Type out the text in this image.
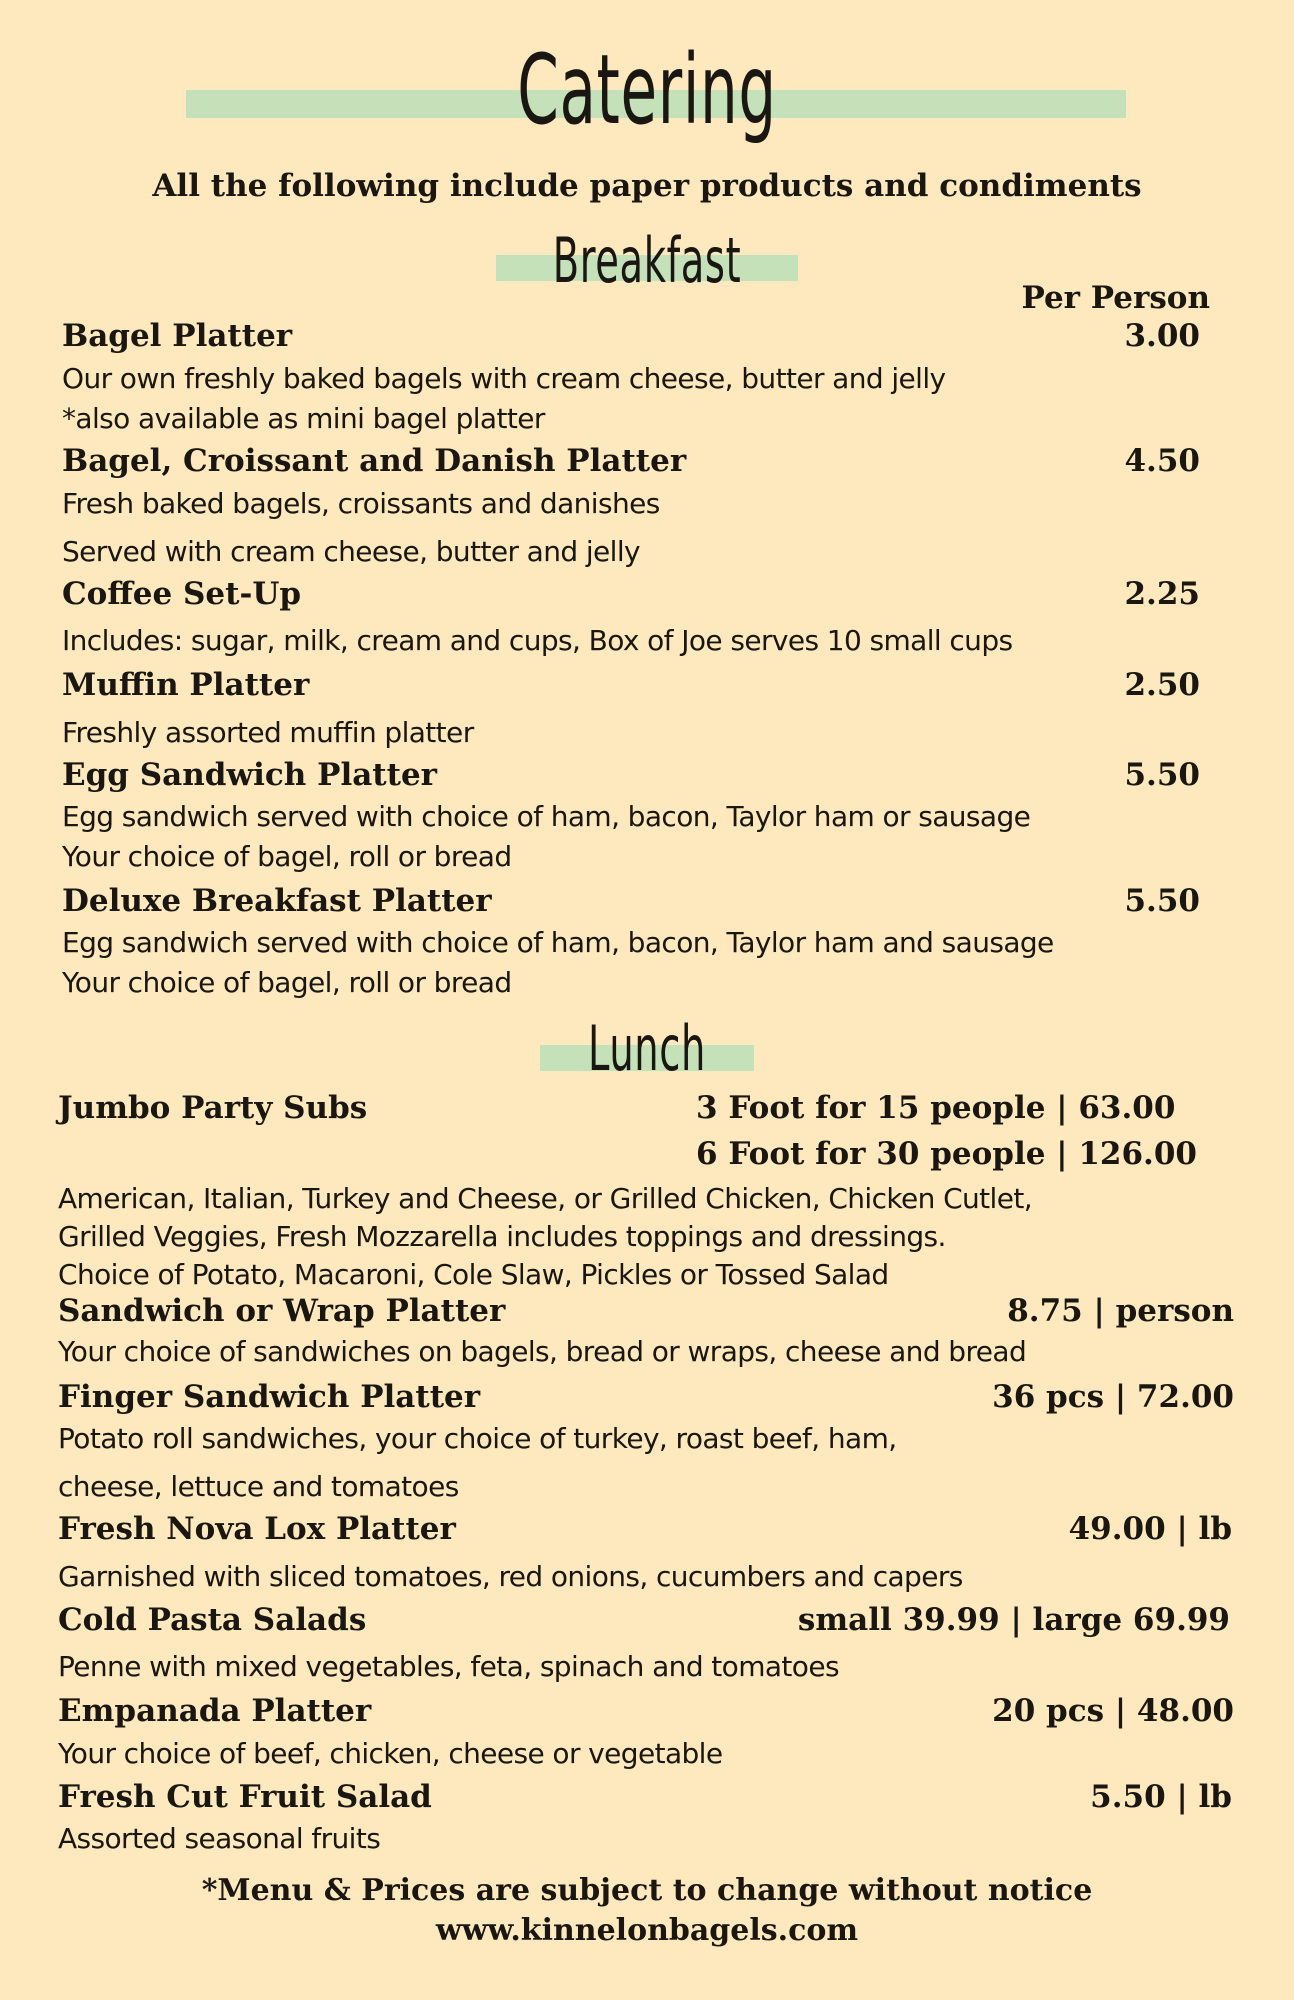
Catering
All the following include paper products and condiments
Breakfast
Per Person
Bagel Platter	3.00
Our own freshly baked bagels with cream cheese, butter and jelly
*also available as mini bagel platter
Bagel, Croissant and Danish Platter	4.50
Fresh baked bagels, croissants and danishes
Served with cream cheese, butter and jelly
Coffee Set-Up	2.25
Includes: sugar, milk, cream and cups, Box of Joe serves 10 small cups
Muffin Platter	2.50
Freshly assorted muffin platter
Egg Sandwich Platter	5.50
Egg sandwich served with choice of ham, bacon, Taylor ham or sausage
Your choice of bagel, roll or bread
Deluxe Breakfast Platter	5.50
Egg sandwich served with choice of ham, bacon, Taylor ham and sausage
Your choice of bagel, roll or bread
Lunch
Jumbo Party Subs	3 Foot for 15 people | 63.00
6 Foot for 30 people | 126.00
American, Italian, Turkey and Cheese, or Grilled Chicken, Chicken Cutlet,
Grilled Veggies, Fresh Mozzarella includes toppings and dressings.
Choice of Potato, Macaroni, Cole Slaw, Pickles or Tossed Salad
Sandwich or Wrap Platter	8.75 | person
Your choice of sandwiches on bagels, bread or wraps, cheese and bread
Finger Sandwich Platter	36 pcs | 72.00
Potato roll sandwiches, your choice of turkey, roast beef, ham,
cheese, lettuce and tomatoes
Fresh Nova Lox Platter	49.00 | lb
Garnished with sliced tomatoes, red onions, cucumbers and capers
Cold Pasta Salads	small 39.99 | large 69.99
Penne with mixed vegetables, feta, spinach and tomatoes
Empanada Platter	20 pcs | 48.00
Your choice of beef, chicken, cheese or vegetable
Fresh Cut Fruit Salad	5.50 | lb
Assorted seasonal fruits
*Menu & Prices are subject to change without notice
www.kinnelonbagels.com
